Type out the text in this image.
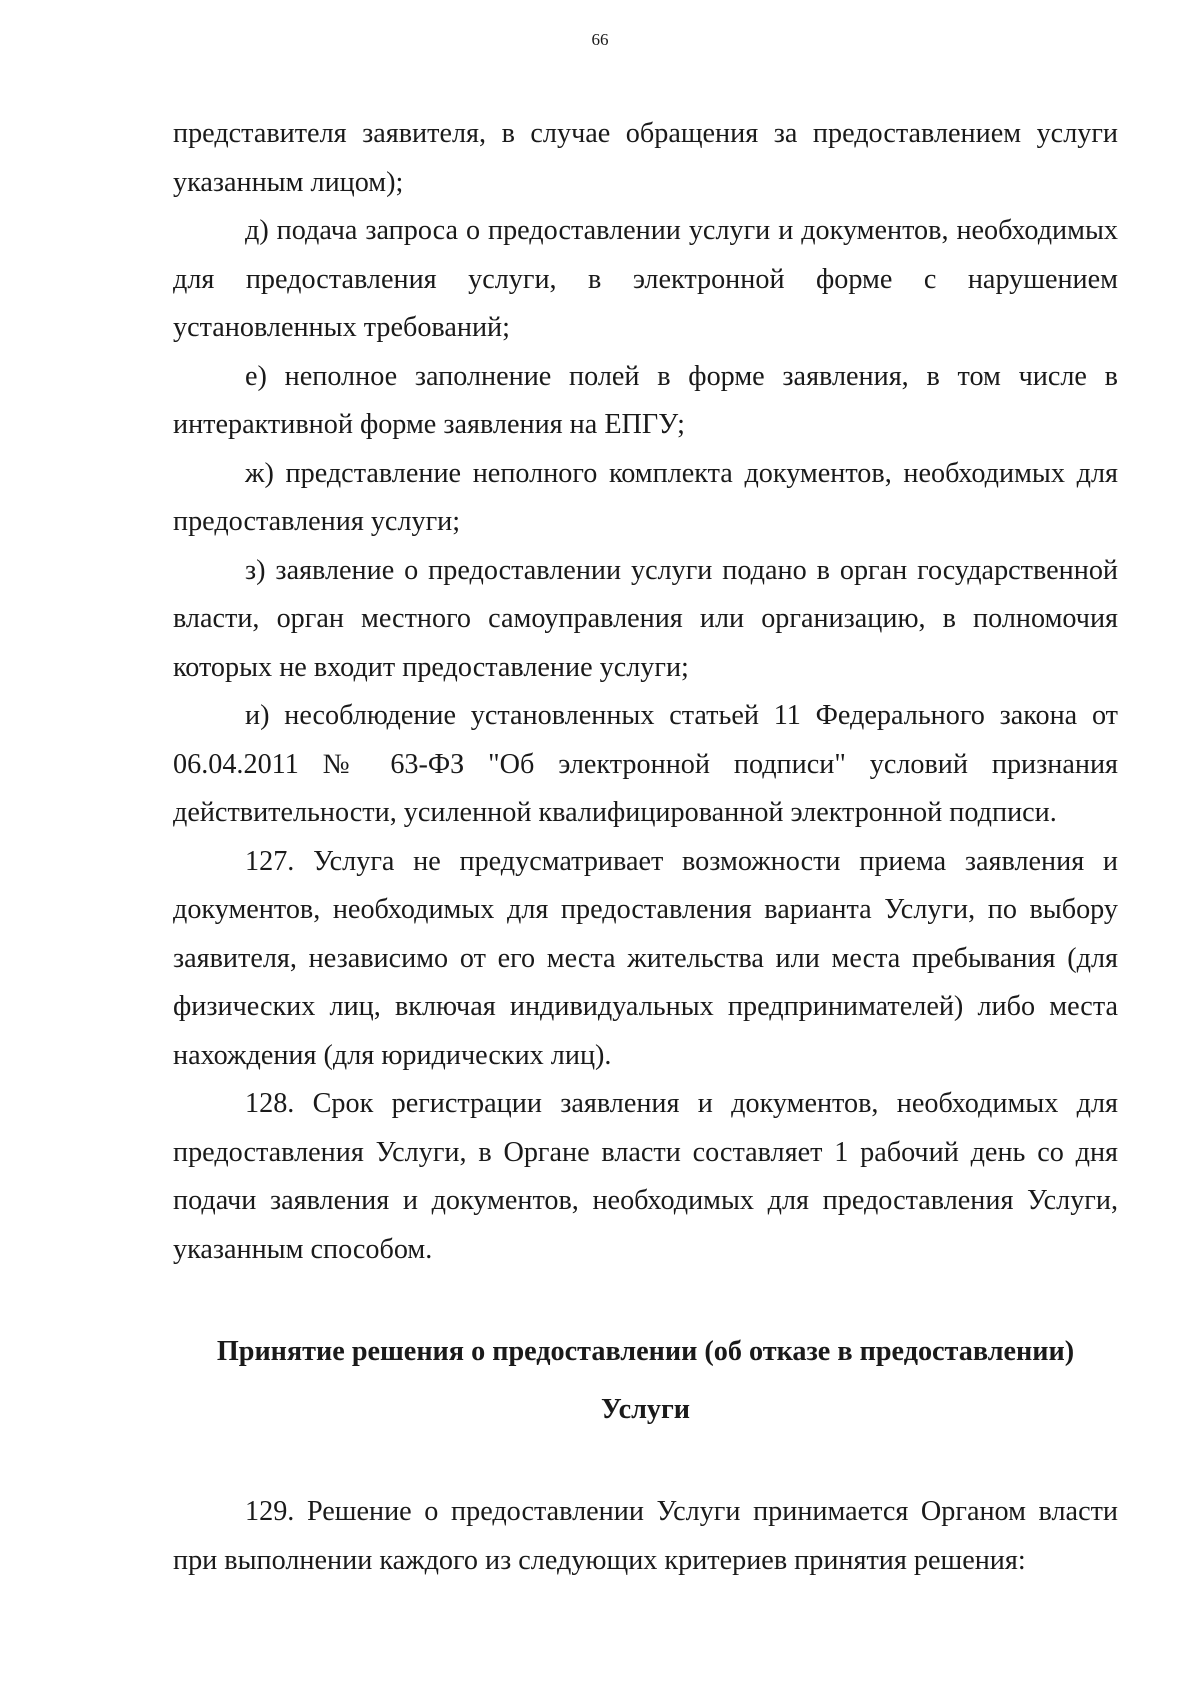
66

представителя заявителя, в случае обращения за предоставлением услуги указанным лицом);

д) подача запроса о предоставлении услуги и документов, необходимых для предоставления услуги, в электронной форме с нарушением установленных требований;

е) неполное заполнение полей в форме заявления, в том числе в интерактивной форме заявления на ЕПГУ;

ж) представление неполного комплекта документов, необходимых для предоставления услуги;

з) заявление о предоставлении услуги подано в орган государственной власти, орган местного самоуправления или организацию, в полномочия которых не входит предоставление услуги;

и) несоблюдение установленных статьей 11 Федерального закона от 06.04.2011 № 63-ФЗ "Об электронной подписи" условий признания действительности, усиленной квалифицированной электронной подписи.

127. Услуга не предусматривает возможности приема заявления и документов, необходимых для предоставления варианта Услуги, по выбору заявителя, независимо от его места жительства или места пребывания (для физических лиц, включая индивидуальных предпринимателей) либо места нахождения (для юридических лиц).

128. Срок регистрации заявления и документов, необходимых для предоставления Услуги, в Органе власти составляет 1 рабочий день со дня подачи заявления и документов, необходимых для предоставления Услуги, указанным способом.

Принятие решения о предоставлении (об отказе в предоставлении)

Услуги

129. Решение о предоставлении Услуги принимается Органом власти при выполнении каждого из следующих критериев принятия решения:
